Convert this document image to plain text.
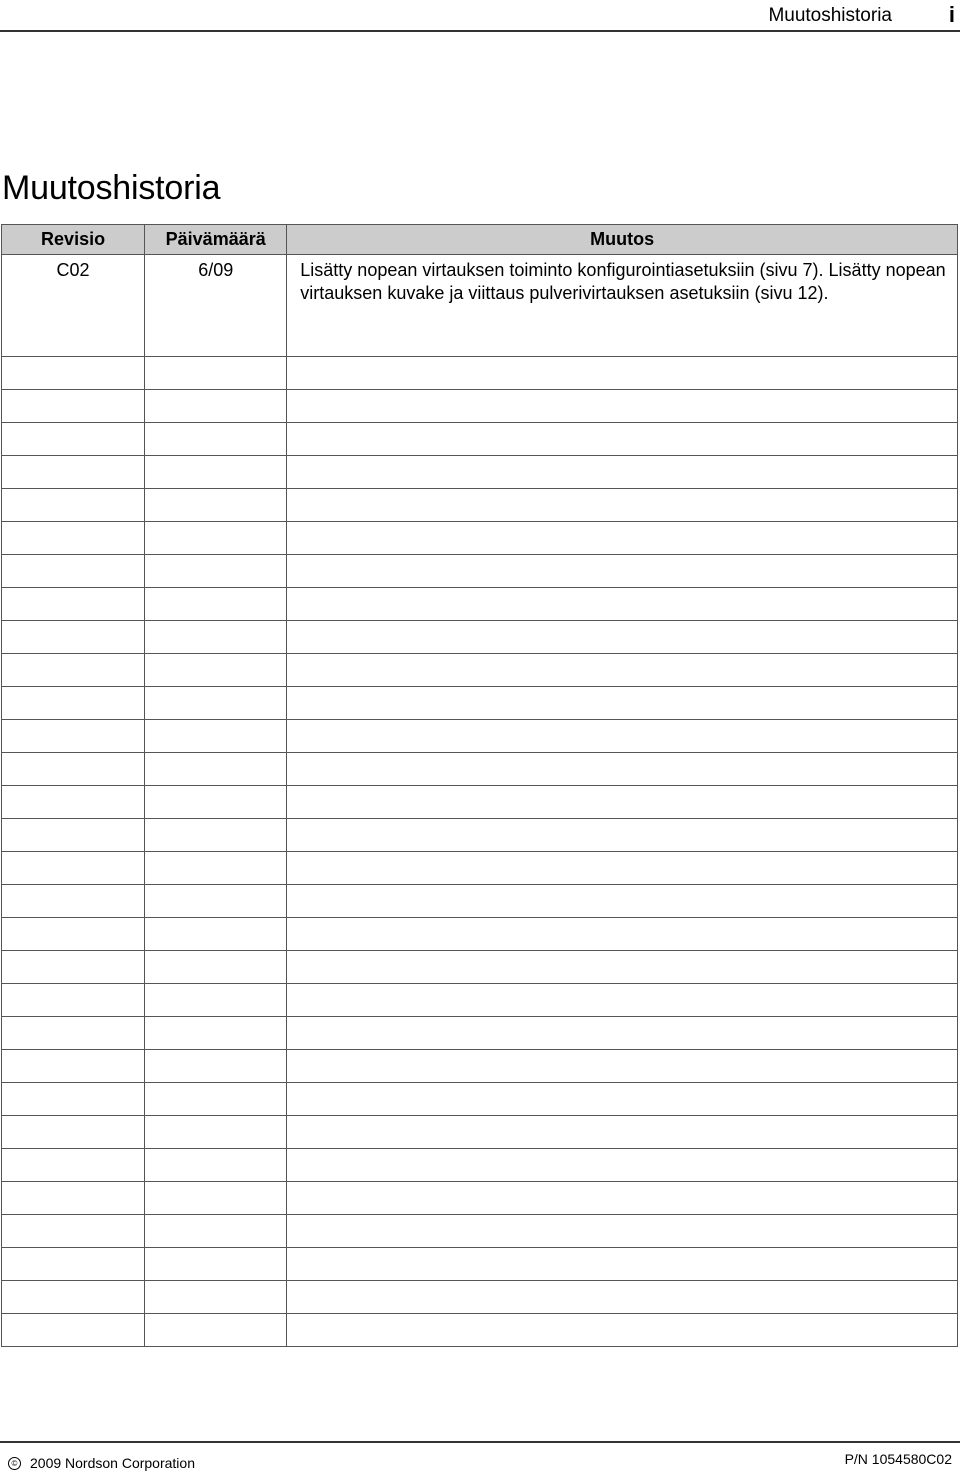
Muutoshistoria	i
Muutoshistoria
Revisio	Päivämäärä	Muutos
C02	6/09	Lisätty nopean virtauksen toiminto konfigurointiasetuksiin (sivu 7). Lisätty nopean virtauksen kuvake ja viittaus pulverivirtauksen asetuksiin (sivu 12).

© 2009 Nordson Corporation	P/N 1054580C02
